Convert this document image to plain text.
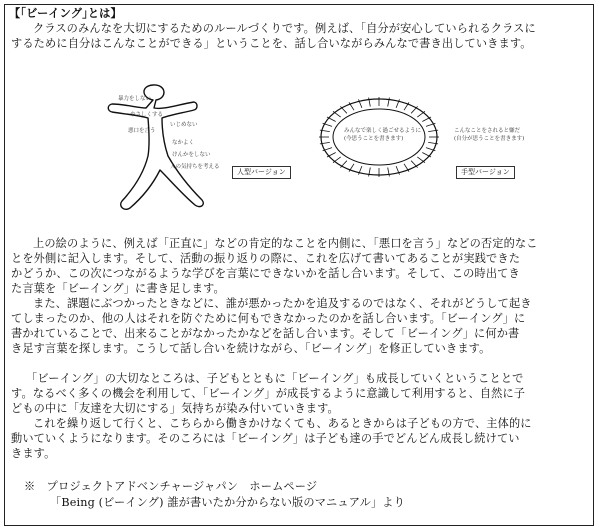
【｢ビーイング｣とは】
クラスのみんなを大切にするためのルールづくりです。例えば、「自分が安心していられるクラスに
するために自分はこんなことができる」ということを、話し合いながらみんなで書き出していきます。
暴力をしない
やさしくする
悪口を言う
いじめない
なかよく
けんかをしない
人の気持ちを考える
人型バージョン
みんなで楽しく過ごせるように
(今思うことを書きます)
こんなことをされると嫌だ
(自分が思うことを書きます)
手型バージョン
上の絵のように、例えば「正直に」などの肯定的なことを内側に、「悪口を言う」などの否定的なこ
とを外側に記入します。そして、活動の振り返りの際に、これを広げて書いてあることが実践できた
かどうか、この次につながるような学びを言葉にできないかを話し合います。そして、この時出てき
た言葉を「ビーイング」に書き足します。
また、課題にぶつかったときなどに、誰が悪かったかを追及するのではなく、それがどうして起き
てしまったのか、他の人はそれを防ぐために何もできなかったのかを話し合います。「ビーイング」に
書かれていることで、出来ることがなかったかなどを話し合います。そして「ビーイング」に何か書
き足す言葉を探します。こうして話し合いを続けながら、「ビーイング」を修正していきます。
「ビーイング」の大切なところは、子どもとともに「ビーイング」も成長していくということとで
す。なるべく多くの機会を利用して、「ビーイング」が成長するように意識して利用すると、自然に子
どもの中に「友達を大切にする」気持ちが染み付いていきます。
これを繰り返して行くと、こちらから働きかけなくても、あるときからは子どもの方で、主体的に
動いていくようになります。そのころには「ビーイング」は子ども達の手でどんどん成長し続けてい
きます。
※　プロジェクトアドベンチャージャパン　ホームページ
「Being (ビーイング) 誰が書いたか分からない版のマニュアル」より
